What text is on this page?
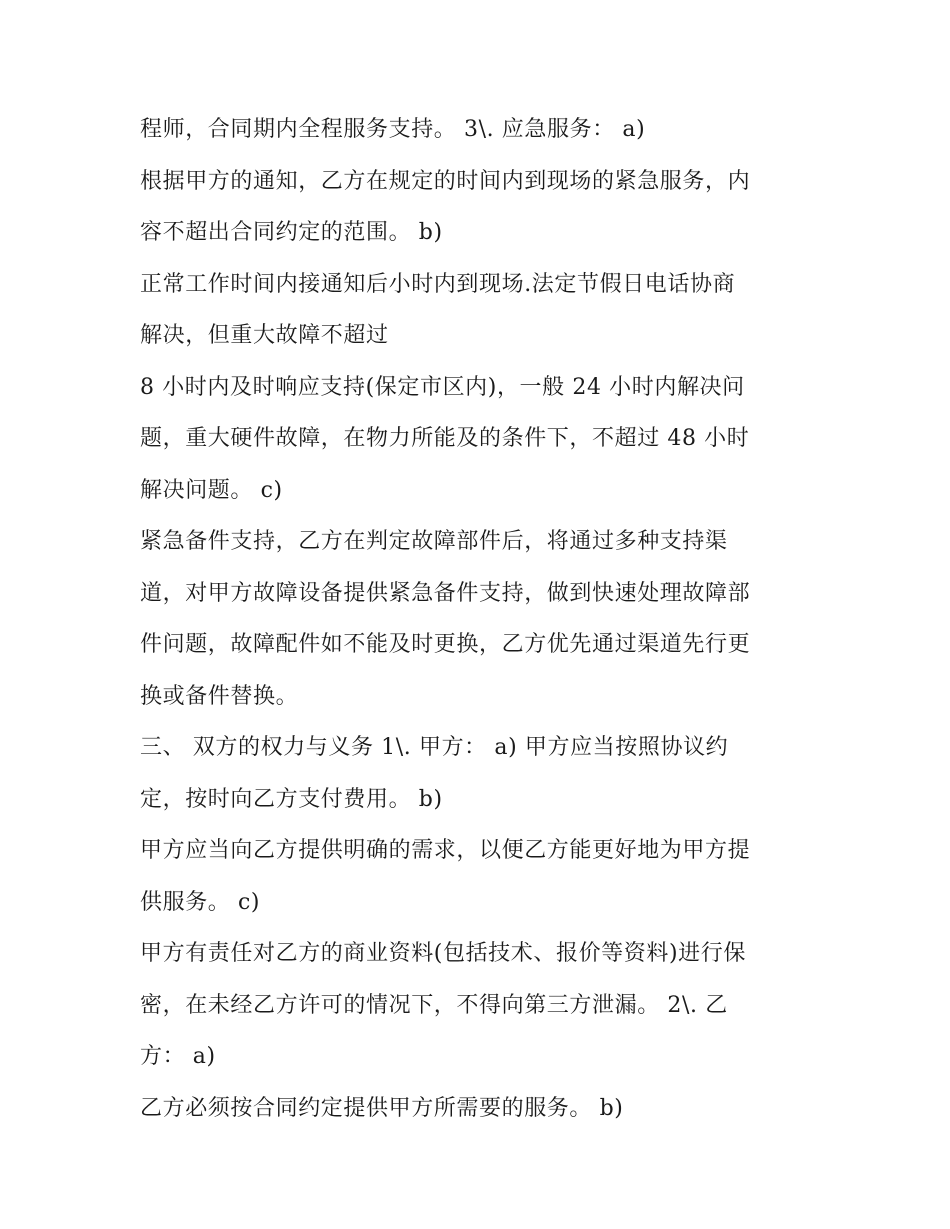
程师，合同期内全程服务支持。 3\. 应急服务： a)
根据甲方的通知，乙方在规定的时间内到现场的紧急服务，内
容不超出合同约定的范围。 b)
正常工作时间内接通知后小时内到现场.法定节假日电话协商
解决，但重大故障不超过
8 小时内及时响应支持(保定市区内)，一般 24 小时内解决问
题，重大硬件故障，在物力所能及的条件下，不超过 48 小时
解决问题。 c)
紧急备件支持，乙方在判定故障部件后，将通过多种支持渠
道，对甲方故障设备提供紧急备件支持，做到快速处理故障部
件问题，故障配件如不能及时更换，乙方优先通过渠道先行更
换或备件替换。
三、 双方的权力与义务 1\. 甲方： a) 甲方应当按照协议约
定，按时向乙方支付费用。 b)
甲方应当向乙方提供明确的需求，以便乙方能更好地为甲方提
供服务。 c)
甲方有责任对乙方的商业资料(包括技术、报价等资料)进行保
密，在未经乙方许可的情况下，不得向第三方泄漏。 2\. 乙
方： a)
乙方必须按合同约定提供甲方所需要的服务。 b)
